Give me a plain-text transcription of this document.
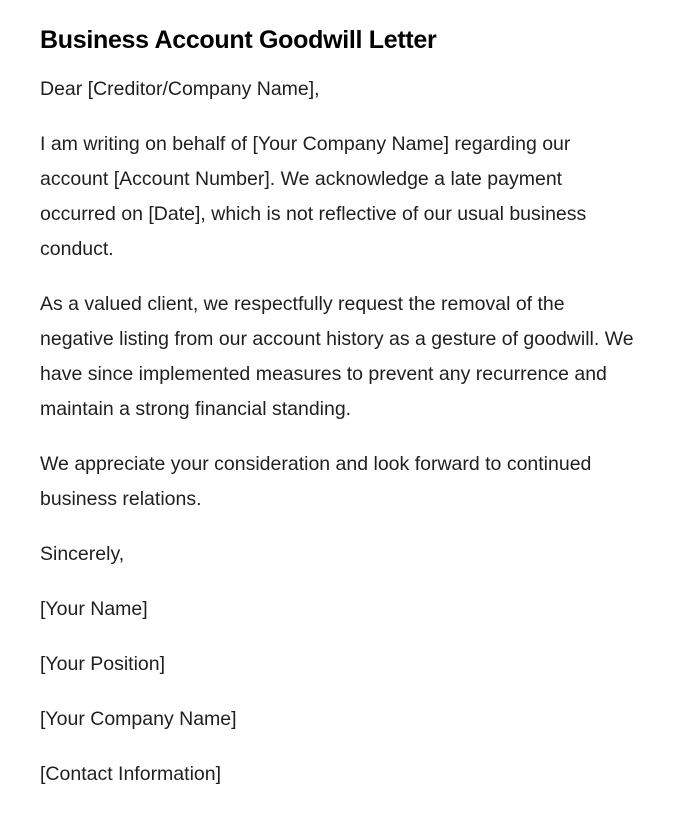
Business Account Goodwill Letter

Dear [Creditor/Company Name],

I am writing on behalf of [Your Company Name] regarding our account [Account Number]. We acknowledge a late payment occurred on [Date], which is not reflective of our usual business conduct.

As a valued client, we respectfully request the removal of the negative listing from our account history as a gesture of goodwill. We have since implemented measures to prevent any recurrence and maintain a strong financial standing.

We appreciate your consideration and look forward to continued business relations.

Sincerely,

[Your Name]

[Your Position]

[Your Company Name]

[Contact Information]
